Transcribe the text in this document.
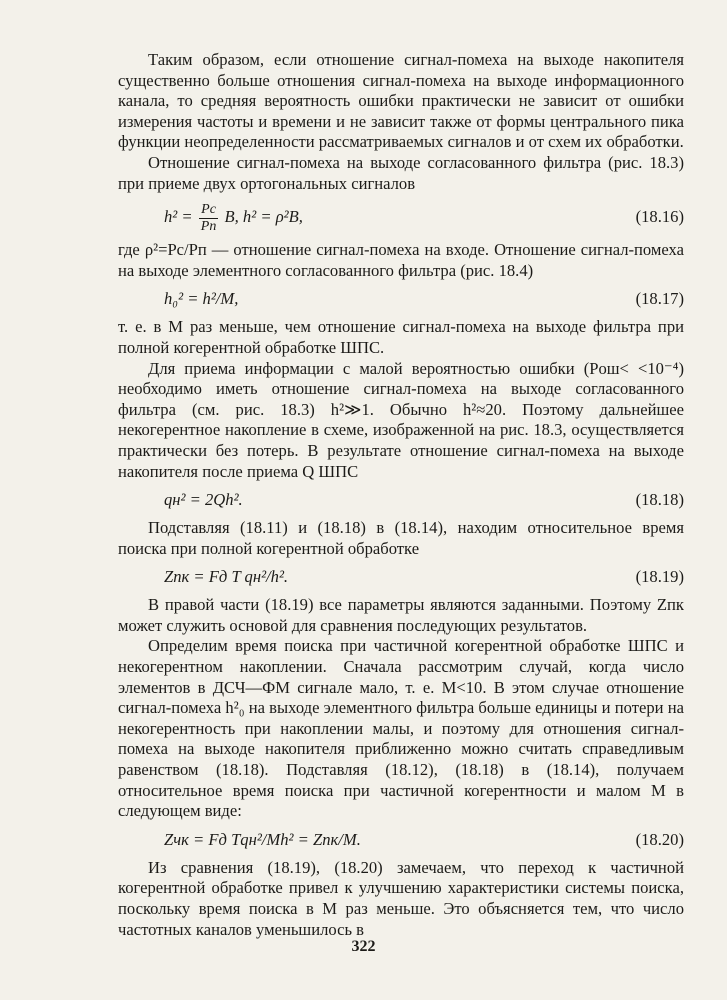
Таким образом, если отношение сигнал-помеха на выходе накопителя существенно больше отношения сигнал-помеха на выходе информационного канала, то средняя вероятность ошибки практически не зависит от ошибки измерения частоты и времени и не зависит также от формы центрального пика функции неопределенности рассматриваемых сигналов и от схем их обработки.

Отношение сигнал-помеха на выходе согласованного фильтра (рис. 18.3) при приеме двух ортогональных сигналов

$h^2 = \frac{Pc}{Pп} B$, h² = ρ²B,	(18.16)

где ρ²=Pc/Pп — отношение сигнал-помеха на входе. Отношение сигнал-помеха на выходе элементного согласованного фильтра (рис. 18.4)

h₀² = h²/M,	(18.17)

т. е. в M раз меньше, чем отношение сигнал-помеха на выходе фильтра при полной когерентной обработке ШПС.

Для приема информации с малой вероятностью ошибки (Pош< <10⁻⁴) необходимо иметь отношение сигнал-помеха на выходе согласованного фильтра (см. рис. 18.3) h²≫1. Обычно h²≈20. Поэтому дальнейшее некогерентное накопление в схеме, изображенной на рис. 18.3, осуществляется практически без потерь. В результате отношение сигнал-помеха на выходе накопителя после приема Q ШПС

qн² = 2Qh².	(18.18)

Подставляя (18.11) и (18.18) в (18.14), находим относительное время поиска при полной когерентной обработке

Zпк = Fд T qн²/h².	(18.19)

В правой части (18.19) все параметры являются заданными. Поэтому Zпк может служить основой для сравнения последующих результатов.

Определим время поиска при частичной когерентной обработке ШПС и некогерентном накоплении. Сначала рассмотрим случай, когда число элементов в ДСЧ—ФМ сигнале мало, т. е. M<10. В этом случае отношение сигнал-помеха h²₀ на выходе элементного фильтра больше единицы и потери на некогерентность при накоплении малы, и поэтому для отношения сигнал-помеха на выходе накопителя приближенно можно считать справедливым равенством (18.18). Подставляя (18.12), (18.18) в (18.14), получаем относительное время поиска при частичной когерентности и малом M в следующем виде:

Zчк = Fд Tqн²/Mh² = Zпк/M.	(18.20)

Из сравнения (18.19), (18.20) замечаем, что переход к частичной когерентной обработке привел к улучшению характеристики системы поиска, поскольку время поиска в M раз меньше. Это объясняется тем, что число частотных каналов уменьшилось в

322
